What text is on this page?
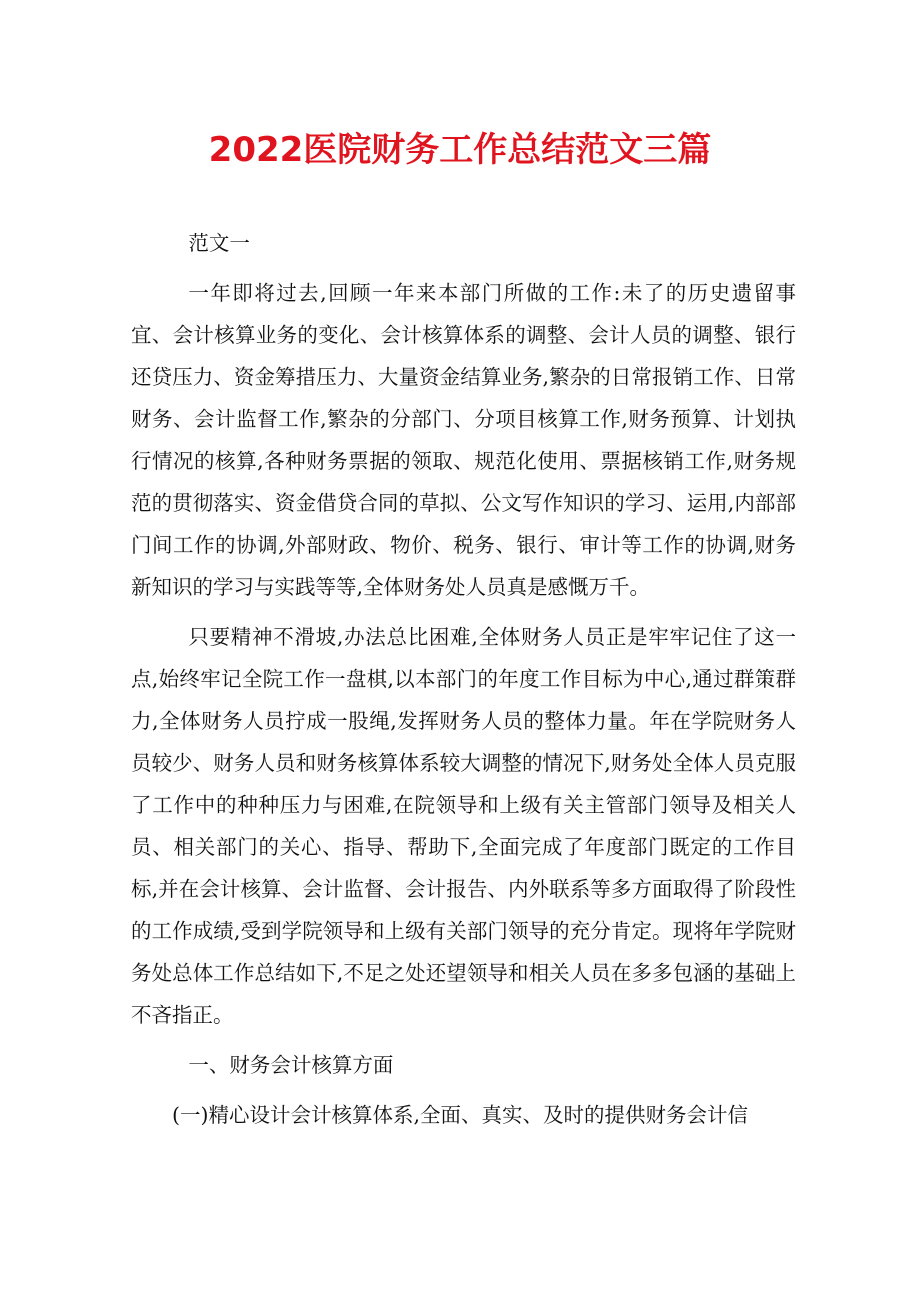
2022医院财务工作总结范文三篇

范文一

一年即将过去,回顾一年来本部门所做的工作:未了的历史遗留事宜、会计核算业务的变化、会计核算体系的调整、会计人员的调整、银行还贷压力、资金筹措压力、大量资金结算业务,繁杂的日常报销工作、日常财务、会计监督工作,繁杂的分部门、分项目核算工作,财务预算、计划执行情况的核算,各种财务票据的领取、规范化使用、票据核销工作,财务规范的贯彻落实、资金借贷合同的草拟、公文写作知识的学习、运用,内部部门间工作的协调,外部财政、物价、税务、银行、审计等工作的协调,财务新知识的学习与实践等等,全体财务处人员真是感慨万千。

只要精神不滑坡,办法总比困难,全体财务人员正是牢牢记住了这一点,始终牢记全院工作一盘棋,以本部门的年度工作目标为中心,通过群策群力,全体财务人员拧成一股绳,发挥财务人员的整体力量。年在学院财务人员较少、财务人员和财务核算体系较大调整的情况下,财务处全体人员克服了工作中的种种压力与困难,在院领导和上级有关主管部门领导及相关人员、相关部门的关心、指导、帮助下,全面完成了年度部门既定的工作目标,并在会计核算、会计监督、会计报告、内外联系等多方面取得了阶段性的工作成绩,受到学院领导和上级有关部门领导的充分肯定。现将年学院财务处总体工作总结如下,不足之处还望领导和相关人员在多多包涵的基础上不吝指正。

一、财务会计核算方面

(一)精心设计会计核算体系,全面、真实、及时的提供财务会计信
